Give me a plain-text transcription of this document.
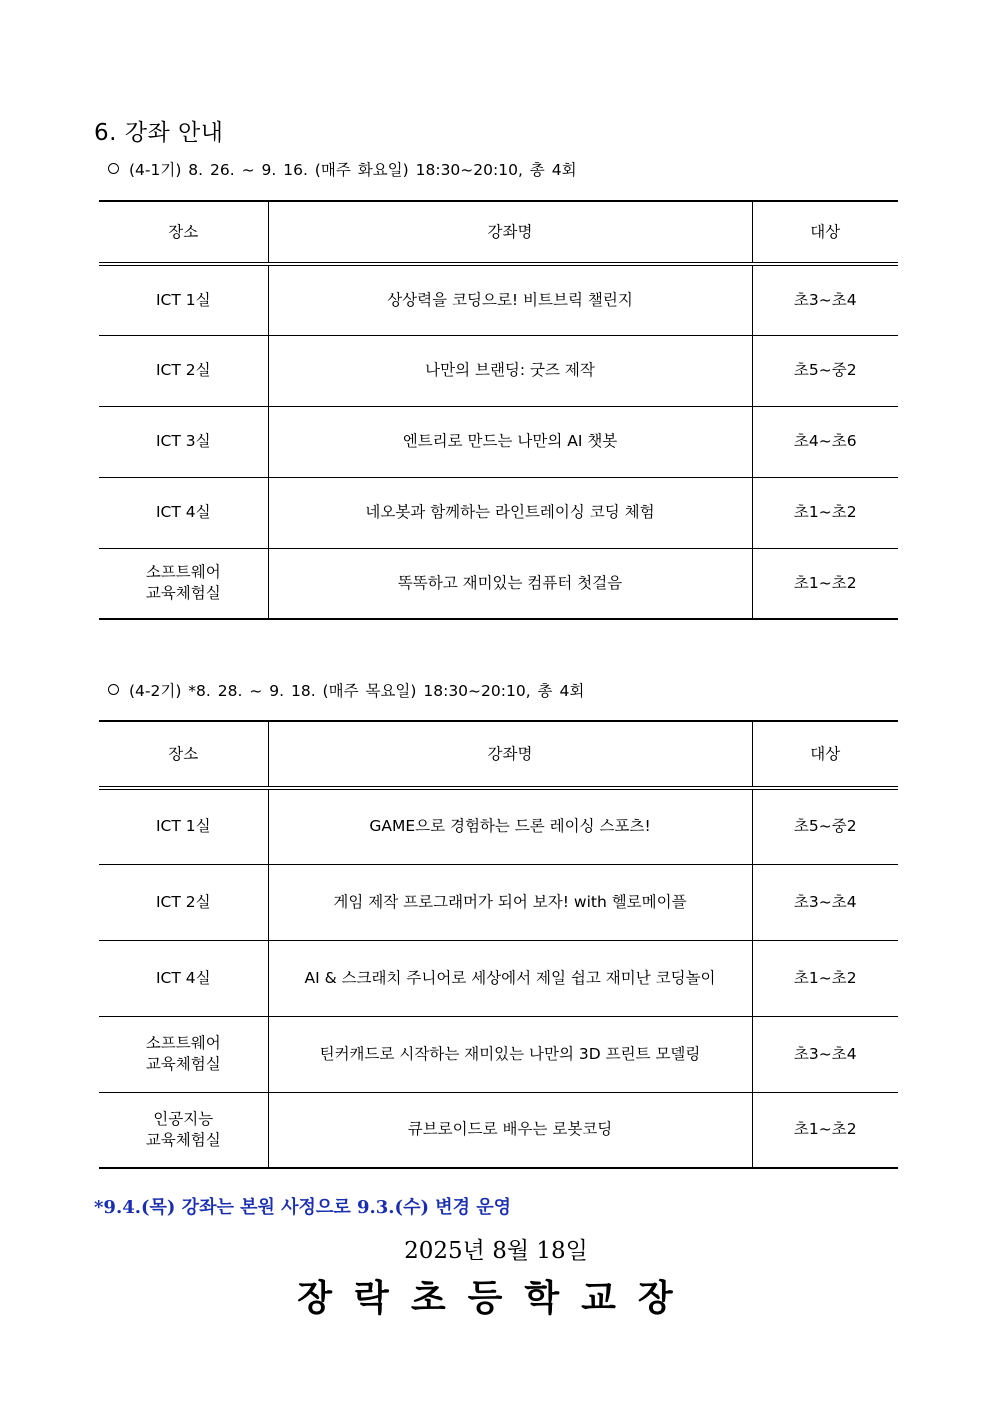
6. 강좌 안내
(4-1기) 8. 26. ~ 9. 16. (매주 화요일) 18:30~20:10, 총 4회
장소	강좌명	대상

ICT 1실	상상력을 코딩으로! 비트브릭 챌린지	초3~초4

ICT 2실	나만의 브랜딩: 굿즈 제작	초5~중2

ICT 3실	엔트리로 만드는 나만의 AI 챗봇	초4~초6

ICT 4실	네오봇과 함께하는 라인트레이싱 코딩 체험	초1~초2

소프트웨어
교육체험실	똑똑하고 재미있는 컴퓨터 첫걸음	초1~초2
(4-2기) *8. 28. ~ 9. 18. (매주 목요일) 18:30~20:10, 총 4회
장소	강좌명	대상

ICT 1실	GAME으로 경험하는 드론 레이싱 스포츠!	초5~중2

ICT 2실	게임 제작 프로그래머가 되어 보자! with 헬로메이플	초3~초4

ICT 4실	AI & 스크래치 주니어로 세상에서 제일 쉽고 재미난 코딩놀이	초1~초2

소프트웨어
교육체험실	틴커캐드로 시작하는 재미있는 나만의 3D 프린트 모델링	초3~초4

인공지능
교육체험실	큐브로이드로 배우는 로봇코딩	초1~초2
*9.4.(목) 강좌는 본원 사정으로 9.3.(수) 변경 운영
2025년 8월 18일
장락초등학교장
